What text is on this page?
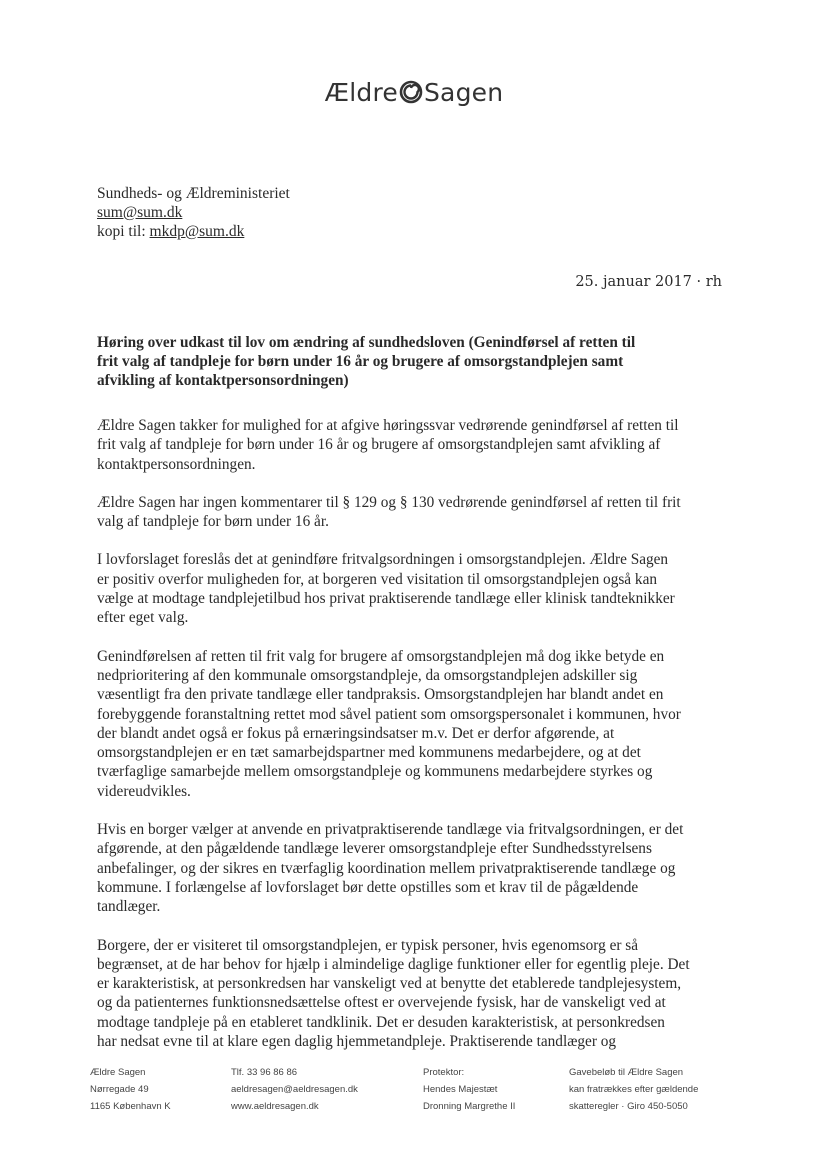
Ældre Sagen
Sundheds- og Ældreministeriet
sum@sum.dk
kopi til: mkdp@sum.dk
25. januar 2017 · rh
Høring over udkast til lov om ændring af sundhedsloven (Genindførsel af retten til
frit valg af tandpleje for børn under 16 år og brugere af omsorgstandplejen samt
afvikling af kontaktpersonsordningen)

Ældre Sagen takker for mulighed for at afgive høringssvar vedrørende genindførsel af retten til
frit valg af tandpleje for børn under 16 år og brugere af omsorgstandplejen samt afvikling af
kontaktpersonsordningen.

Ældre Sagen har ingen kommentarer til § 129 og § 130 vedrørende genindførsel af retten til frit
valg af tandpleje for børn under 16 år.

I lovforslaget foreslås det at genindføre fritvalgsordningen i omsorgstandplejen. Ældre Sagen
er positiv overfor muligheden for, at borgeren ved visitation til omsorgstandplejen også kan
vælge at modtage tandplejetilbud hos privat praktiserende tandlæge eller klinisk tandteknikker
efter eget valg.

Genindførelsen af retten til frit valg for brugere af omsorgstandplejen må dog ikke betyde en
nedprioritering af den kommunale omsorgstandpleje, da omsorgstandplejen adskiller sig
væsentligt fra den private tandlæge eller tandpraksis. Omsorgstandplejen har blandt andet en
forebyggende foranstaltning rettet mod såvel patient som omsorgspersonalet i kommunen, hvor
der blandt andet også er fokus på ernæringsindsatser m.v. Det er derfor afgørende, at
omsorgstandplejen er en tæt samarbejdspartner med kommunens medarbejdere, og at det
tværfaglige samarbejde mellem omsorgstandpleje og kommunens medarbejdere styrkes og
videreudvikles.

Hvis en borger vælger at anvende en privatpraktiserende tandlæge via fritvalgsordningen, er det
afgørende, at den pågældende tandlæge leverer omsorgstandpleje efter Sundhedsstyrelsens
anbefalinger, og der sikres en tværfaglig koordination mellem privatpraktiserende tandlæge og
kommune. I forlængelse af lovforslaget bør dette opstilles som et krav til de pågældende
tandlæger.

Borgere, der er visiteret til omsorgstandplejen, er typisk personer, hvis egenomsorg er så
begrænset, at de har behov for hjælp i almindelige daglige funktioner eller for egentlig pleje. Det
er karakteristisk, at personkredsen har vanskeligt ved at benytte det etablerede tandplejesystem,
og da patienternes funktionsnedsættelse oftest er overvejende fysisk, har de vanskeligt ved at
modtage tandpleje på en etableret tandklinik. Det er desuden karakteristisk, at personkredsen
har nedsat evne til at klare egen daglig hjemmetandpleje. Praktiserende tandlæger og

Ældre Sagen
Nørregade 49
1165 København K
Tlf. 33 96 86 86
aeldresagen@aeldresagen.dk
www.aeldresagen.dk
Protektor:
Hendes Majestæt
Dronning Margrethe II
Gavebeløb til Ældre Sagen
kan fratrækkes efter gældende
skatteregler · Giro 450-5050
